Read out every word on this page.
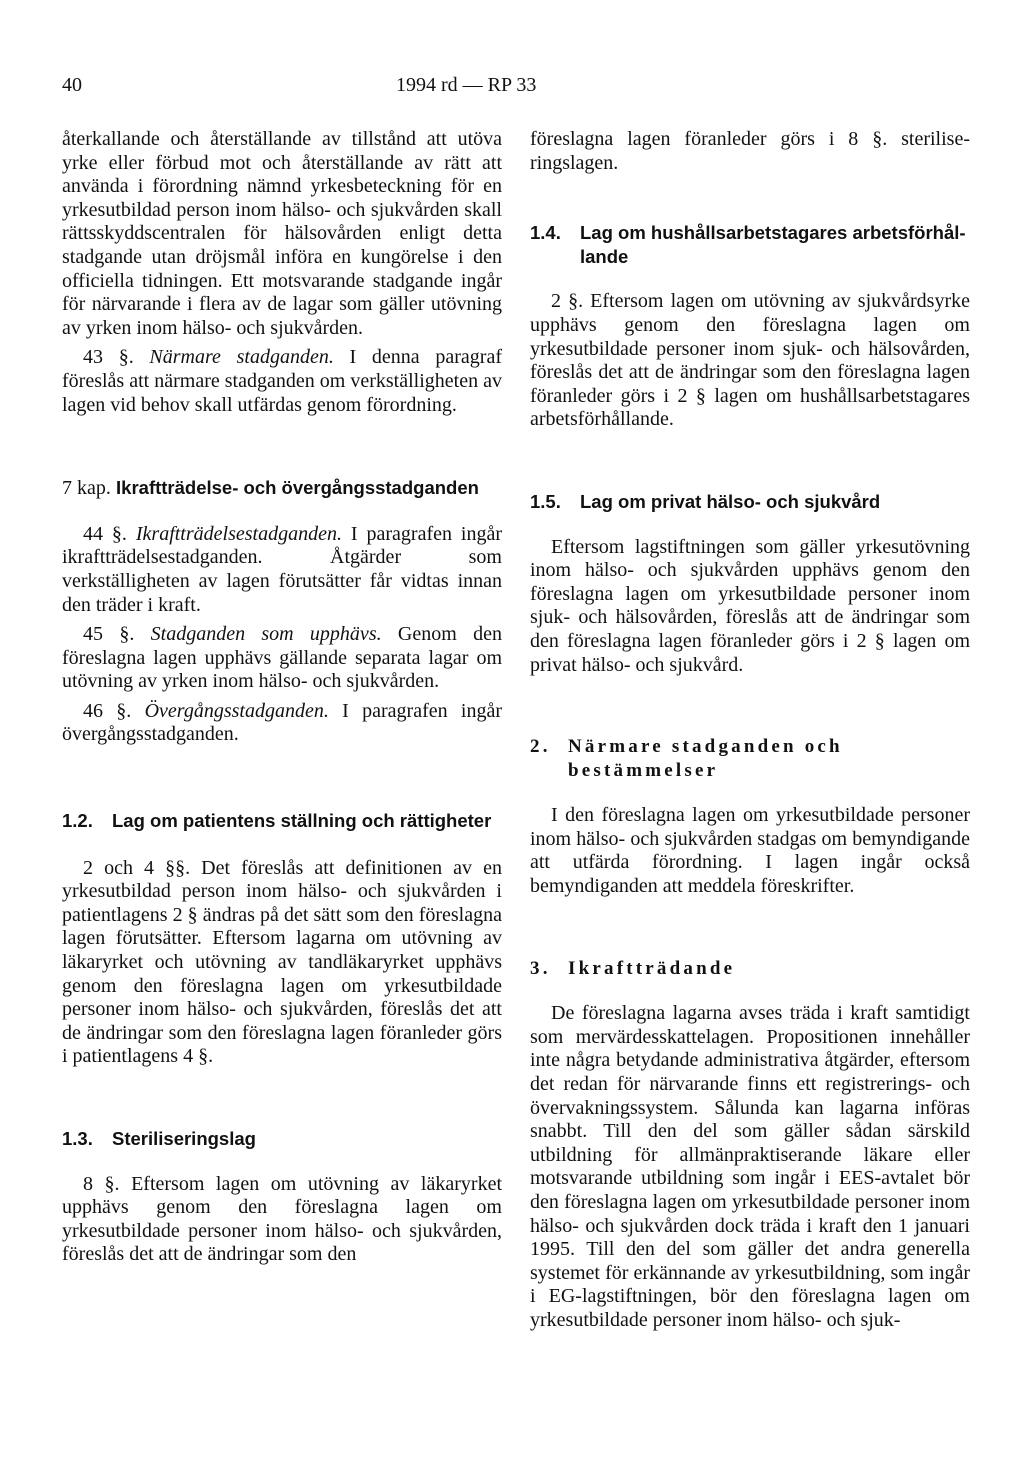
40	1994 rd — RP 33

återkallande och återställande av tillstånd att utöva yrke eller förbud mot och återställande av rätt att använda i förordning nämnd yrkesbeteckning för en yrkesutbildad person inom hälso- och sjukvården skall rättsskyddscentralen för hälsovården enligt detta stadgande utan dröjsmål införa en kungörelse i den officiella tidningen. Ett motsvarande stadgande ingår för närvarande i flera av de lagar som gäller utövning av yrken inom hälso- och sjukvården.

43 §. Närmare stadganden. I denna paragraf föreslås att närmare stadganden om verkställigheten av lagen vid behov skall utfärdas genom förordning.

7 kap. Ikraftträdelse- och övergångsstadganden

44 §. Ikraftträdelsestadganden. I paragrafen ingår ikraftträdelsestadganden. Åtgärder som verkställigheten av lagen förutsätter får vidtas innan den träder i kraft.

45 §. Stadganden som upphävs. Genom den föreslagna lagen upphävs gällande separata lagar om utövning av yrken inom hälso- och sjukvården.

46 §. Övergångsstadganden. I paragrafen ingår övergångsstadganden.

1.2. Lag om patientens ställning och rättigheter

2 och 4 §§. Det föreslås att definitionen av en yrkesutbildad person inom hälso- och sjukvården i patientlagens 2 § ändras på det sätt som den föreslagna lagen förutsätter. Eftersom lagarna om utövning av läkaryrket och utövning av tandläkaryrket upphävs genom den föreslagna lagen om yrkesutbildade personer inom hälso- och sjukvården, föreslås det att de ändringar som den föreslagna lagen föranleder görs i patientlagens 4 §.

1.3. Steriliseringslag

8 §. Eftersom lagen om utövning av läkaryrket upphävs genom den föreslagna lagen om yrkesutbildade personer inom hälso- och sjukvården, föreslås det att de ändringar som den

föreslagna lagen föranleder görs i 8 §. steriliseringslagen.

1.4.	Lag om hushållsarbetstagares arbetsförhållande

2 §. Eftersom lagen om utövning av sjukvårdsyrke upphävs genom den föreslagna lagen om yrkesutbildade personer inom sjuk- och hälsovården, föreslås det att de ändringar som den föreslagna lagen föranleder görs i 2 § lagen om hushållsarbetstagares arbetsförhållande.

1.5. Lag om privat hälso- och sjukvård

Eftersom lagstiftningen som gäller yrkesutövning inom hälso- och sjukvården upphävs genom den föreslagna lagen om yrkesutbildade personer inom sjuk- och hälsovården, föreslås att de ändringar som den föreslagna lagen föranleder görs i 2 § lagen om privat hälso- och sjukvård.

2. Närmare stadganden och bestämmelser

I den föreslagna lagen om yrkesutbildade personer inom hälso- och sjukvården stadgas om bemyndigande att utfärda förordning. I lagen ingår också bemyndiganden att meddela föreskrifter.

3. Ikraftträdande

De föreslagna lagarna avses träda i kraft samtidigt som mervärdesskattelagen. Propositionen innehåller inte några betydande administrativa åtgärder, eftersom det redan för närvarande finns ett registrerings- och övervakningssystem. Sålunda kan lagarna införas snabbt. Till den del som gäller sådan särskild utbildning för allmänpraktiserande läkare eller motsvarande utbildning som ingår i EES-avtalet bör den föreslagna lagen om yrkesutbildade personer inom hälso- och sjukvården dock träda i kraft den 1 januari 1995. Till den del som gäller det andra generella systemet för erkännande av yrkesutbildning, som ingår i EG-lagstiftningen, bör den föreslagna lagen om yrkesutbildade personer inom hälso- och sjuk-
